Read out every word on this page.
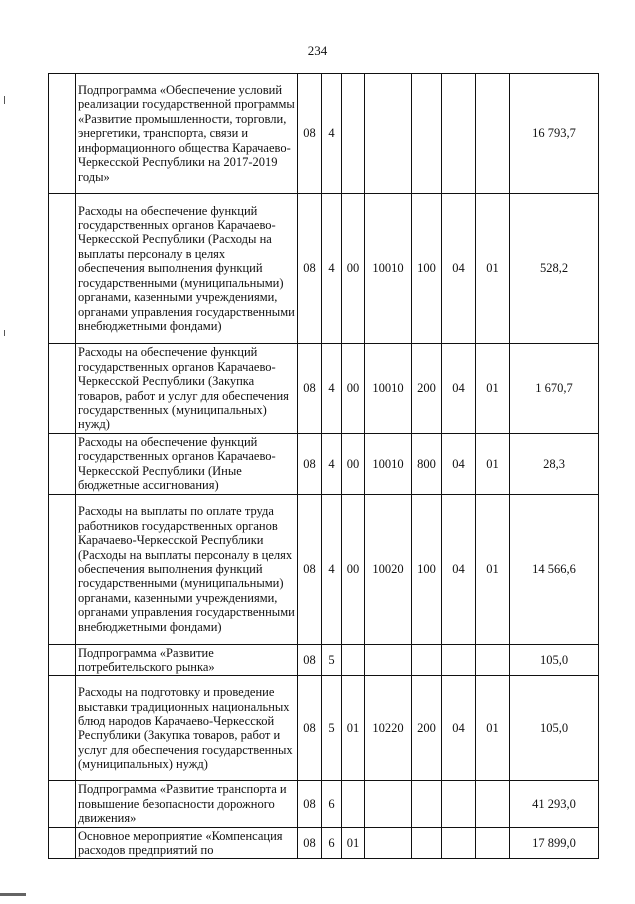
234
	Подпрограмма «Обеспечение условий реализации государственной программы «Развитие промышленности, торговли, энергетики, транспорта, связи и информационного общества Карачаево-Черкесской Республики на 2017-2019 годы»	08	4						16 793,7
	Расходы на обеспечение функций государственных органов Карачаево-Черкесской Республики (Расходы на выплаты персоналу в целях обеспечения выполнения функций государственными (муниципальными) органами, казенными учреждениями, органами управления государственными внебюджетными фондами)	08	4	00	10010	100	04	01	528,2
	Расходы на обеспечение функций государственных органов Карачаево-Черкесской Республики (Закупка товаров, работ и услуг для обеспечения государственных (муниципальных) нужд)	08	4	00	10010	200	04	01	1 670,7
	Расходы на обеспечение функций государственных органов Карачаево-Черкесской Республики (Иные бюджетные ассигнования)	08	4	00	10010	800	04	01	28,3
	Расходы на выплаты по оплате труда работников государственных органов Карачаево-Черкесской Республики (Расходы на выплаты персоналу в целях обеспечения выполнения функций государственными (муниципальными) органами, казенными учреждениями, органами управления государственными внебюджетными фондами)	08	4	00	10020	100	04	01	14 566,6
	Подпрограмма «Развитие потребительского рынка»	08	5						105,0
	Расходы на подготовку и проведение выставки традиционных национальных блюд народов Карачаево-Черкесской Республики (Закупка товаров, работ и услуг для обеспечения государственных (муниципальных) нужд)	08	5	01	10220	200	04	01	105,0
	Подпрограмма «Развитие транспорта и повышение безопасности дорожного движения»	08	6						41 293,0
	Основное мероприятие «Компенсация расходов предприятий по	08	6	01					17 899,0
